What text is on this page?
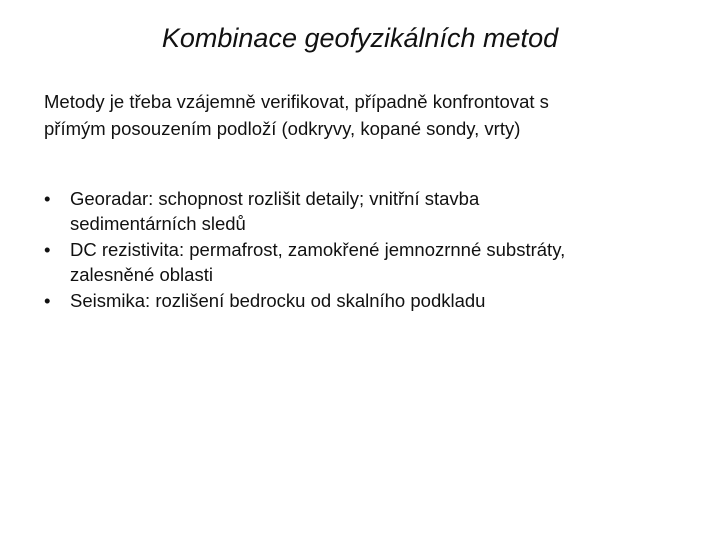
Kombinace geofyzikálních metod
Metody je třeba vzájemně verifikovat, případně konfrontovat s
přímým posouzením podloží (odkryvy, kopané sondy, vrty)
•	Georadar: schopnost rozlišit detaily; vnitřní stavba
sedimentárních sledů
•	DC rezistivita: permafrost, zamokřené jemnozrnné substráty,
zalesněné oblasti
•	Seismika: rozlišení bedrocku od skalního podkladu
